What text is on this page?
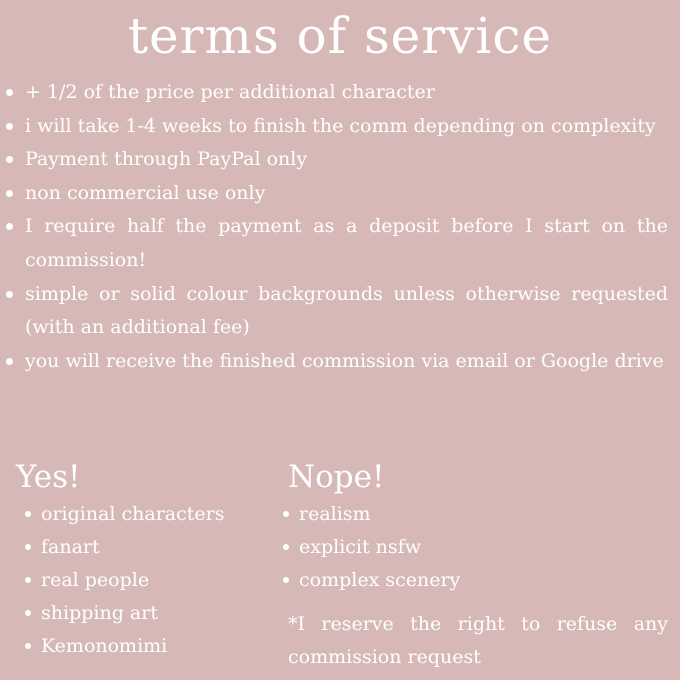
terms of service
+ 1/2 of the price per additional character
i will take 1-4 weeks to finish the comm depending on complexity
Payment through PayPal only
non commercial use only
I require half the payment as a deposit before I start on the commission!
simple or solid colour backgrounds unless otherwise requested (with an additional fee)
you will receive the finished commission via email or Google drive
Yes!
original characters
fanart
real people
shipping art
Kemonomimi
Nope!
realism
explicit nsfw
complex scenery
*I reserve the right to refuse any commission request
